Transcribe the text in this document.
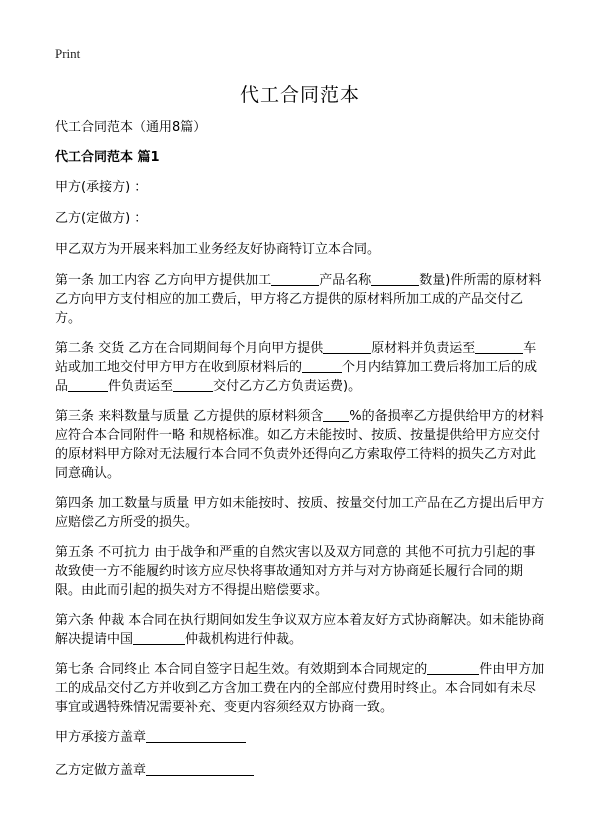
Print
代工合同范本

代工合同范本（通用8篇）

代工合同范本 篇1

甲方(承接方) ：

乙方(定做方) ：

甲乙双方为开展来料加工业务经友好协商特订立本合同。

第一条 加工内容 乙方向甲方提供加工	产品名称	数量)件所需的原材料乙方向甲方支付相应的加工费后，甲方将乙方提供的原材料所加工成的产品交付乙方。

第二条 交货 乙方在合同期间每个月向甲方提供	原材料并负责运至	车站或加工地交付甲方甲方在收到原材料后的	个月内结算加工费后将加工后的成品	件负责运至	交付乙方乙方负责运费)。

第三条 来料数量与质量 乙方提供的原材料须含 %的备损率乙方提供给甲方的材料应符合本合同附件一略 和规格标准。如乙方未能按时、按质、按量提供给甲方应交付的原材料甲方除对无法履行本合同不负责外还得向乙方索取停工待料的损失乙方对此同意确认。

第四条 加工数量与质量 甲方如未能按时、按质、按量交付加工产品在乙方提出后甲方应赔偿乙方所受的损失。

第五条 不可抗力 由于战争和严重的自然灾害以及双方同意的 其他不可抗力引起的事故致使一方不能履约时该方应尽快将事故通知对方并与对方协商延长履行合同的期限。由此而引起的损失对方不得提出赔偿要求。

第六条 仲裁 本合同在执行期间如发生争议双方应本着友好方式协商解决。如未能协商解决提请中国	仲裁机构进行仲裁。

第七条 合同终止 本合同自签字日起生效。有效期到本合同规定的	件由甲方加工的成品交付乙方并收到乙方含加工费在内的全部应付费用时终止。本合同如有未尽事宜或遇特殊情况需要补充、变更内容须经双方协商一致。

甲方承接方盖章

乙方定做方盖章
